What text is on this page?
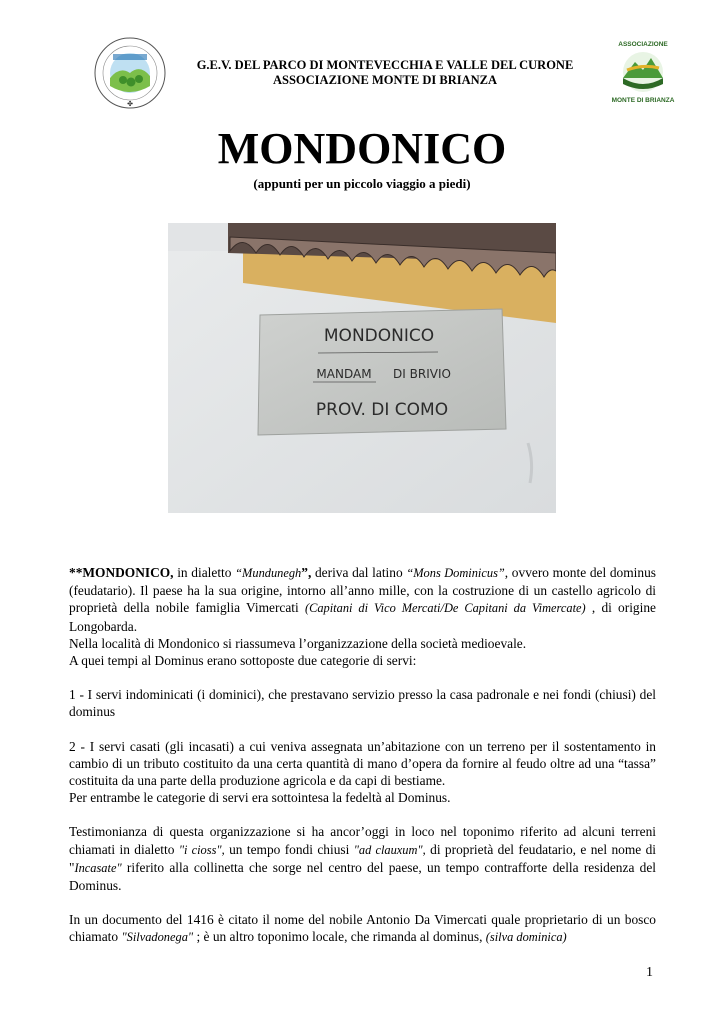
✤
ASSOCIAZIONE
MONTE DI BRIANZA
G.E.V. DEL PARCO DI MONTEVECCHIA E VALLE DEL CURONE
ASSOCIAZIONE MONTE DI BRIANZA
MONDONICO
(appunti per un piccolo viaggio a piedi)
MONDONICO
MANDAM DI BRIVIO
PROV. DI COMO

**MONDONICO, in dialetto “Mundunegh”, deriva dal latino “Mons Dominicus”, ovvero monte del dominus (feudatario). Il paese ha la sua origine, intorno all’anno mille, con la costruzione di un castello agricolo di proprietà della nobile famiglia Vimercati (Capitani di Vico Mercati/De Capitani da Vimercate) , di origine Longobarda.
Nella località di Mondonico si riassumeva l’organizzazione della società medioevale.
A quei tempi al Dominus erano sottoposte due categorie di servi:

1 - I servi indominicati (i dominici), che prestavano servizio presso la casa padronale e nei fondi (chiusi) del dominus

2 - I servi casati (gli incasati) a cui veniva assegnata un’abitazione con un terreno per il sostentamento in cambio di un tributo costituito da una certa quantità di mano d’opera da fornire al feudo oltre ad una “tassa” costituita da una parte della produzione agricola e da capi di bestiame.
Per entrambe le categorie di servi era sottointesa la fedeltà al Dominus.

Testimonianza di questa organizzazione si ha ancor’oggi in loco nel toponimo riferito ad alcuni terreni chiamati in dialetto "i cioss", un tempo fondi chiusi "ad clauxum", di proprietà del feudatario, e nel nome di "Incasate" riferito alla collinetta che sorge nel centro del paese, un tempo contrafforte della residenza del Dominus.

In un documento del 1416 è citato il nome del nobile Antonio Da Vimercati quale proprietario di un bosco chiamato "Silvadonega" ; è un altro toponimo locale, che rimanda al dominus, (silva dominica)

1
